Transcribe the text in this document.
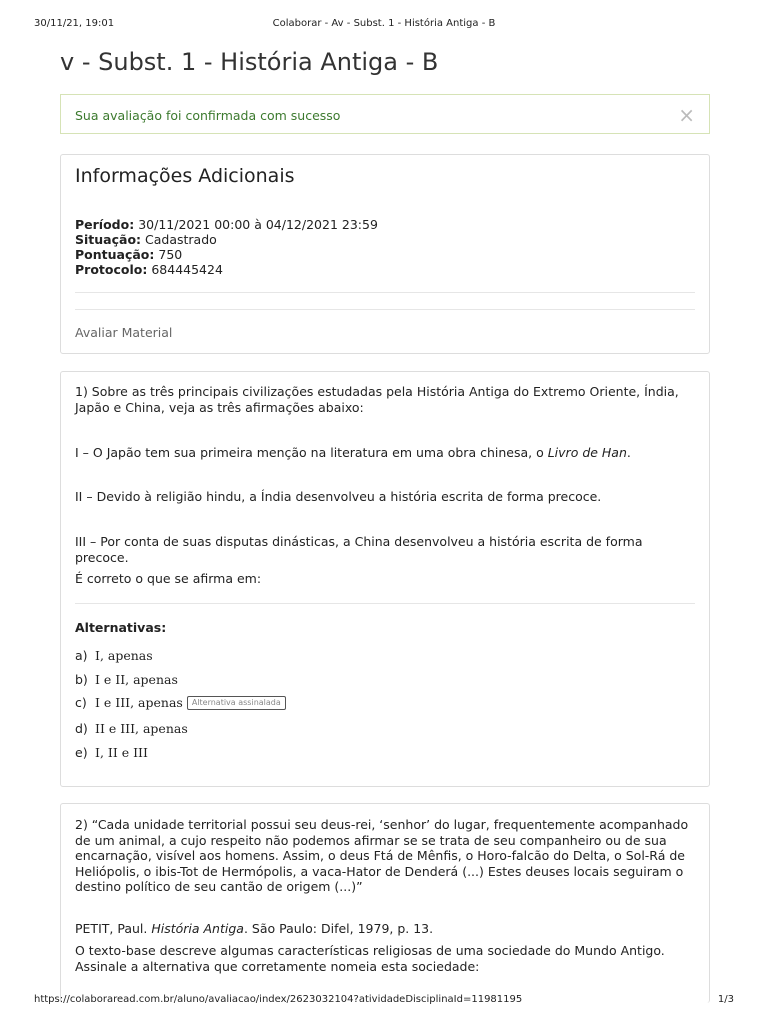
30/11/21, 19:01	Colaborar - Av - Subst. 1 - História Antiga - B
v - Subst. 1 - História Antiga - B
Sua avaliação foi confirmada com sucesso	×
Informações Adicionais
Período: 30/11/2021 00:00 à 04/12/2021 23:59
Situação: Cadastrado
Pontuação: 750
Protocolo: 684445424
Avaliar Material
1) Sobre as três principais civilizações estudadas pela História Antiga do Extremo Oriente, Índia, Japão e China, veja as três afirmações abaixo:
I – O Japão tem sua primeira menção na literatura em uma obra chinesa, o Livro de Han.
II – Devido à religião hindu, a Índia desenvolveu a história escrita de forma precoce.
III – Por conta de suas disputas dinásticas, a China desenvolveu a história escrita de forma precoce.
É correto o que se afirma em:
Alternativas:
a) I, apenas
b) I e II, apenas
c) I e III, apenas Alternativa assinalada
d) II e III, apenas
e) I, II e III
2) “Cada unidade territorial possui seu deus-rei, ‘senhor’ do lugar, frequentemente acompanhado de um animal, a cujo respeito não podemos afirmar se se trata de seu companheiro ou de sua encarnação, visível aos homens. Assim, o deus Ftá de Mênfis, o Horo-falcão do Delta, o Sol-Rá de Heliópolis, o ibis-Tot de Hermópolis, a vaca-Hator de Denderá (...) Estes deuses locais seguiram o destino político de seu cantão de origem (...)”
PETIT, Paul. História Antiga. São Paulo: Difel, 1979, p. 13.
O texto-base descreve algumas características religiosas de uma sociedade do Mundo Antigo. Assinale a alternativa que corretamente nomeia esta sociedade:
https://colaboraread.com.br/aluno/avaliacao/index/2623032104?atividadeDisciplinaId=11981195	1/3
